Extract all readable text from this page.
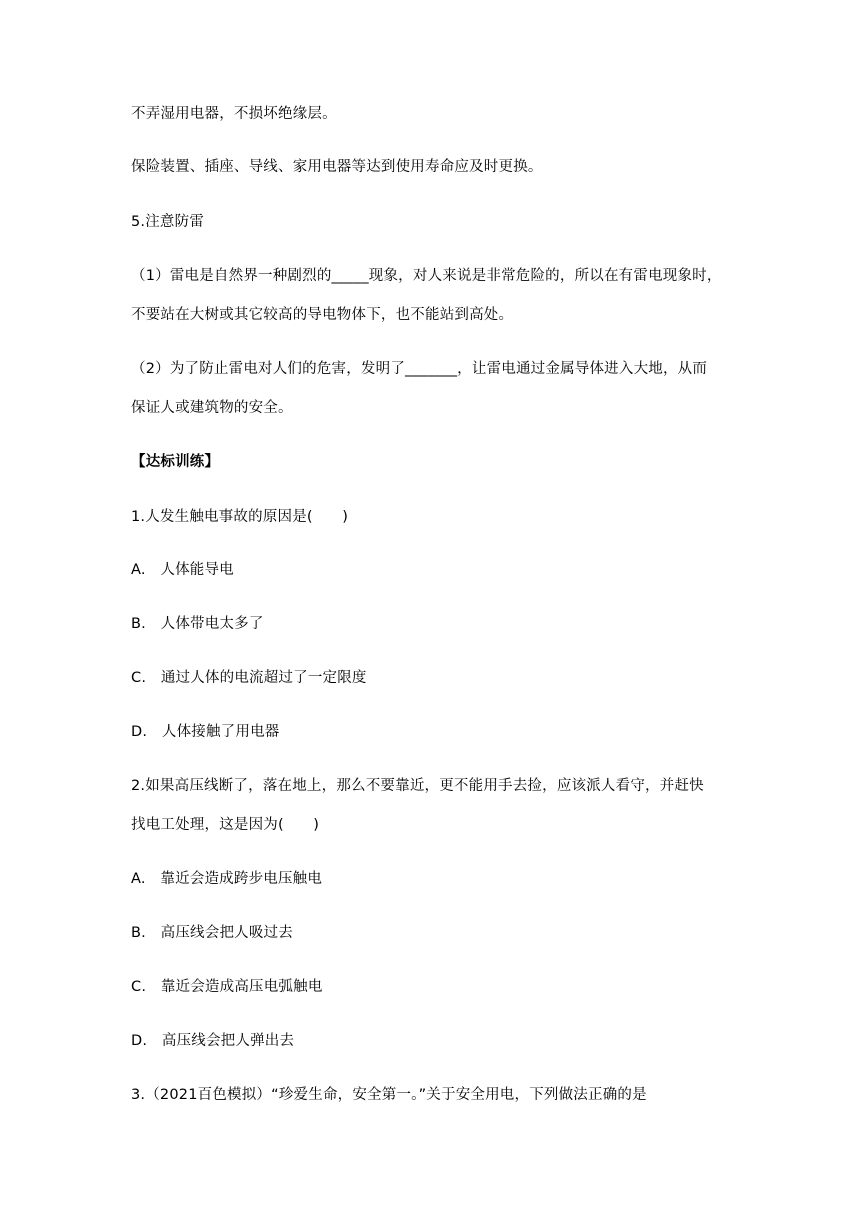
不弄湿用电器，不损坏绝缘层。
保险装置、插座、导线、家用电器等达到使用寿命应及时更换。
5.注意防雷
（1）雷电是自然界一种剧烈的_____现象，对人来说是非常危险的，所以在有雷电现象时，
不要站在大树或其它较高的导电物体下，也不能站到高处。
（2）为了防止雷电对人们的危害，发明了_______，让雷电通过金属导体进入大地，从而
保证人或建筑物的安全。
【达标训练】
1.人发生触电事故的原因是(　　)
A.　人体能导电
B.　人体带电太多了
C.　通过人体的电流超过了一定限度
D.　人体接触了用电器
2.如果高压线断了，落在地上，那么不要靠近，更不能用手去捡，应该派人看守，并赶快
找电工处理，这是因为(　　)
A.　靠近会造成跨步电压触电
B.　高压线会把人吸过去
C.　靠近会造成高压电弧触电
D.　高压线会把人弹出去
3.（2021百色模拟）“珍爱生命，安全第一。”关于安全用电，下列做法正确的是
